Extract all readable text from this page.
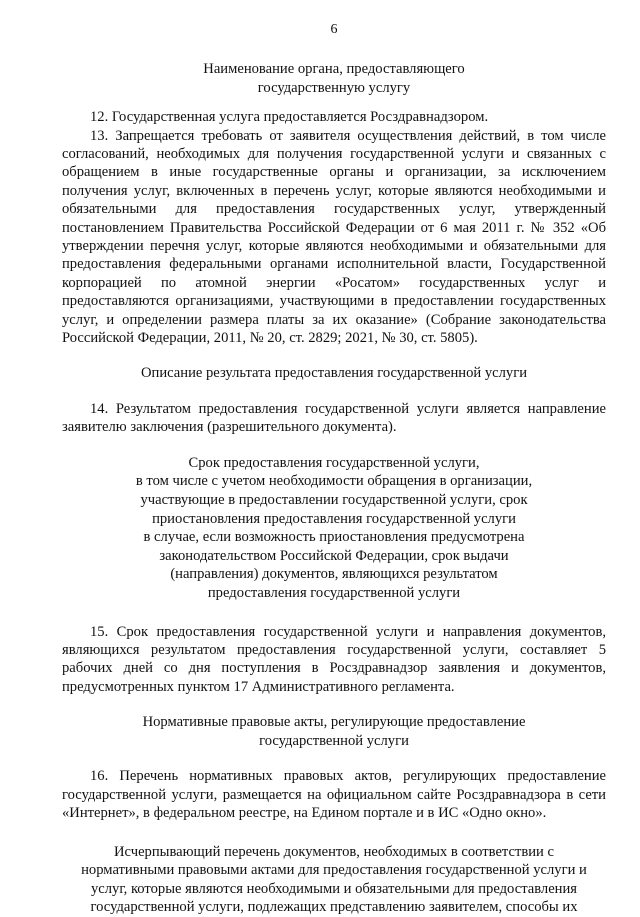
6
Наименование органа, предоставляющего
государственную услугу

12. Государственная услуга предоставляется Росздравнадзором.

13. Запрещается требовать от заявителя осуществления действий, в том числе согласований, необходимых для получения государственной услуги и связанных с обращением в иные государственные органы и организации, за исключением получения услуг, включенных в перечень услуг, которые являются необходимыми и обязательными для предоставления государственных услуг, утвержденный постановлением Правительства Российской Федерации от 6 мая 2011 г. № 352 «Об утверждении перечня услуг, которые являются необходимыми и обязательными для предоставления федеральными органами исполнительной власти, Государственной корпорацией по атомной энергии «Росатом» государственных услуг и предоставляются организациями, участвующими в предоставлении государственных услуг, и определении размера платы за их оказание» (Собрание законодательства Российской Федерации, 2011, № 20, ст. 2829; 2021, № 30, ст. 5805).

Описание результата предоставления государственной услуги

14. Результатом предоставления государственной услуги является направление заявителю заключения (разрешительного документа).

Срок предоставления государственной услуги,
в том числе с учетом необходимости обращения в организации,
участвующие в предоставлении государственной услуги, срок
приостановления предоставления государственной услуги
в случае, если возможность приостановления предусмотрена
законодательством Российской Федерации, срок выдачи
(направления) документов, являющихся результатом
предоставления государственной услуги

15. Срок предоставления государственной услуги и направления документов, являющихся результатом предоставления государственной услуги, составляет 5 рабочих дней со дня поступления в Росздравнадзор заявления и документов, предусмотренных пунктом 17 Административного регламента.

Нормативные правовые акты, регулирующие предоставление
государственной услуги

16. Перечень нормативных правовых актов, регулирующих предоставление государственной услуги, размещается на официальном сайте Росздравнадзора в сети «Интернет», в федеральном реестре, на Едином портале и в ИС «Одно окно».

Исчерпывающий перечень документов, необходимых в соответствии с
нормативными правовыми актами для предоставления государственной услуги и
услуг, которые являются необходимыми и обязательными для предоставления
государственной услуги, подлежащих представлению заявителем, способы их
